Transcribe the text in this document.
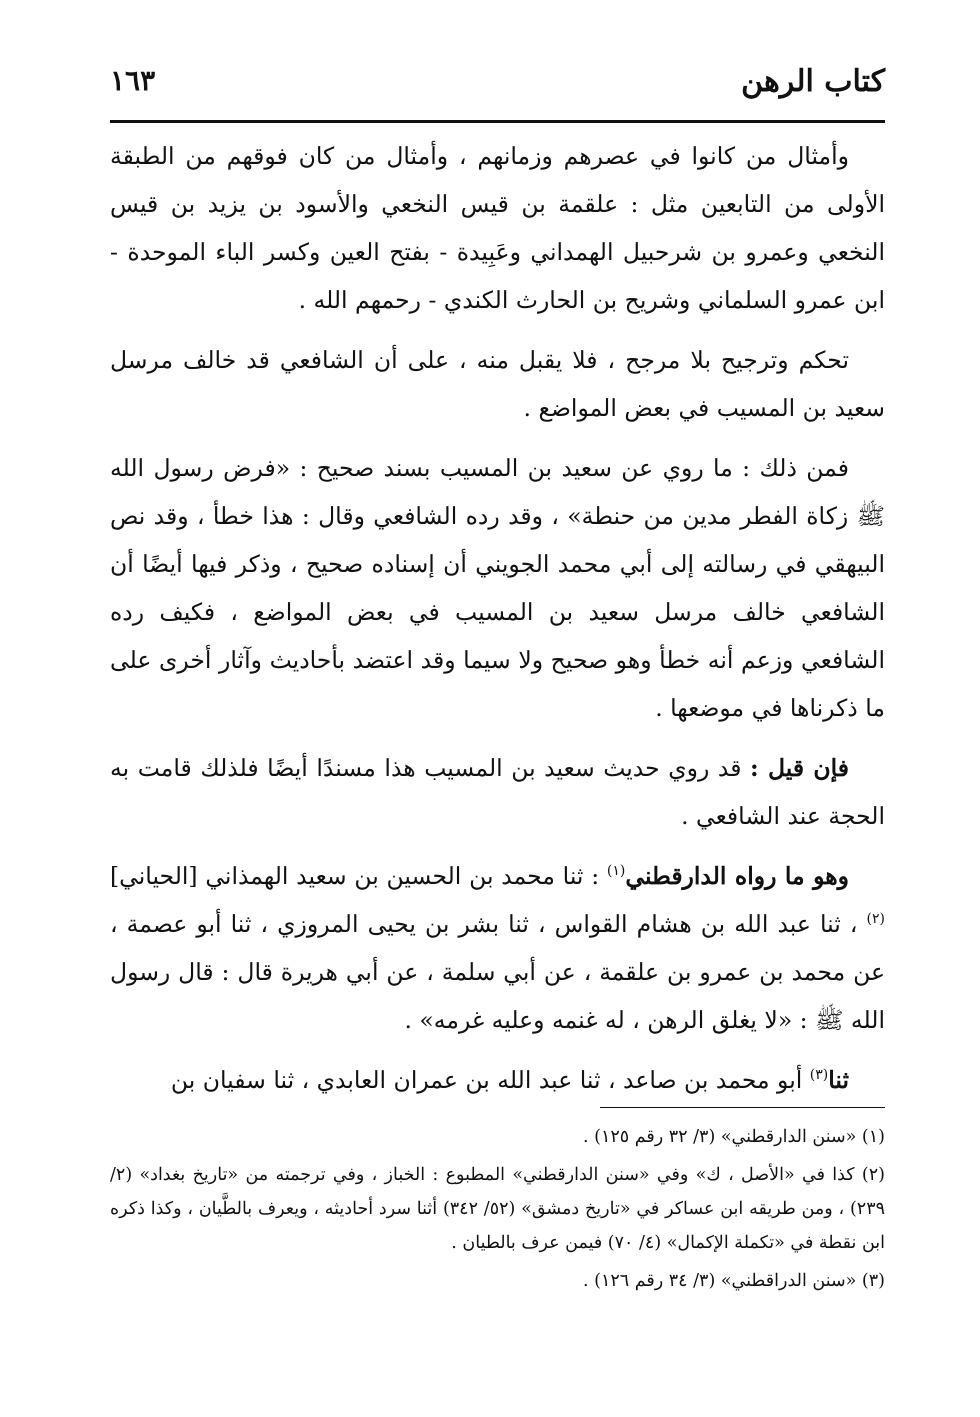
كتاب الرهن
١٦٣

وأمثال من كانوا في عصرهم وزمانهم ، وأمثال من كان فوقهم من الطبقة الأولى من التابعين مثل : علقمة بن قيس النخعي والأسود بن يزيد بن قيس النخعي وعمرو بن شرحبيل الهمداني وعَبِيدة - بفتح العين وكسر الباء الموحدة - ابن عمرو السلماني وشريح بن الحارث الكندي - رحمهم الله .

تحكم وترجيح بلا مرجح ، فلا يقبل منه ، على أن الشافعي قد خالف مرسل سعيد بن المسيب في بعض المواضع .

فمن ذلك : ما روي عن سعيد بن المسيب بسند صحيح : «فرض رسول الله ﷺ زكاة الفطر مدين من حنطة» ، وقد رده الشافعي وقال : هذا خطأ ، وقد نص البيهقي في رسالته إلى أبي محمد الجويني أن إسناده صحيح ، وذكر فيها أيضًا أن الشافعي خالف مرسل سعيد بن المسيب في بعض المواضع ، فكيف رده الشافعي وزعم أنه خطأ وهو صحيح ولا سيما وقد اعتضد بأحاديث وآثار أخرى على ما ذكرناها في موضعها .

فإن قيل : قد روي حديث سعيد بن المسيب هذا مسندًا أيضًا فلذلك قامت به الحجة عند الشافعي .

وهو ما رواه الدارقطني$^{(١)}$ : ثنا محمد بن الحسين بن سعيد الهمذاني [الحياني]$^{(٢)}$ ، ثنا عبد الله بن هشام القواس ، ثنا بشر بن يحيى المروزي ، ثنا أبو عصمة ، عن محمد بن عمرو بن علقمة ، عن أبي سلمة ، عن أبي هريرة قال : قال رسول الله ﷺ : «لا يغلق الرهن ، له غنمه وعليه غرمه» .

ثنا$^{(٣)}$ أبو محمد بن صاعد ، ثنا عبد الله بن عمران العابدي ، ثنا سفيان بن

(١) «سنن الدارقطني» (٣/ ٣٢ رقم ١٢٥) .

(٢) كذا في «الأصل ، ك» وفي «سنن الدارقطني» المطبوع : الخباز ، وفي ترجمته من «تاريخ بغداد» (٢/ ٢٣٩) ، ومن طريقه ابن عساكر في «تاريخ دمشق» (٥٢/ ٣٤٢) أثنا سرد أحاديثه ، ويعرف بالطَّيان ، وكذا ذكره ابن نقطة في «تكملة الإكمال» (٤/ ٧٠) فيمن عرف بالطيان .

(٣) «سنن الدراقطني» (٣/ ٣٤ رقم ١٢٦) .
